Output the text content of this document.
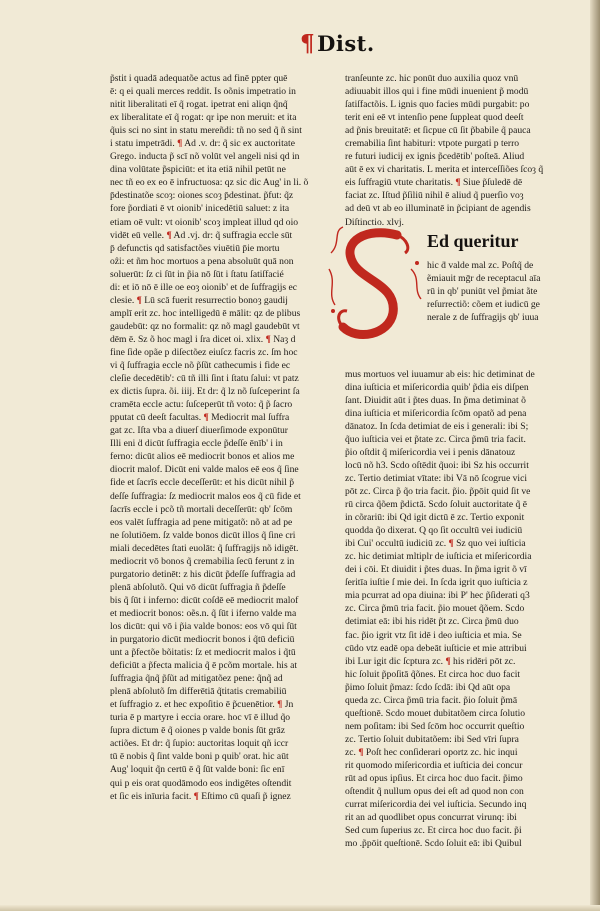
¶Dist.
p̃stit i quadā adequatõe actus ad finē ppter quē
ē: q ei quali merces reddit. Is oõnis impetratio in
nitit liberalitati eī q̃ rogat. ipetrat eni aliqn q̃nq̃
ex liberalitate eī q̃ rogat: qr ipe non meruit: et ita
q̃uis sci no sint in statu mereñdi: tñ no sed q̃ ñ sint
i statu impetrādi. ¶ Ad .v. dr: q̃ sic ex auctoritate
Grego. inducta p̃ scī nõ volūt vel angeli nisi qd in
dina volūtate p̃spiciūt: et ita etiā nihil petūt ne
nec tñ eo ex eo ē infructuosa: qz sic dic Aug' in li. õ
p̄destinatõe scoȝ: oiones scoȝ p̄destinat. p̃fut: q̃z
fore p̃ordiati ē vt oionib' inicedētiū saluet: z ita
etiam oē vult: vt oionib' scoȝ impleat illud qd oio
vidēt eū velle. ¶ Ad .vj. dr: q̃ suffragia eccle sūt
p̄ defunctis qd satisfactões viuētiū p̄ie mortu
oẑi: et ñm hoc mortuos a pena absoluūt quā non
soluerūt: ſz ci ſūt in p̃ia nō ſūt i ſtatu ſatiſfacié
di: et iō nō ē ille oe eoȝ oionib' et de ſuffragijs ec
clesie. ¶ Lū scā fuerit resurrectio bonoȝ gaudij
amplī erit zc. hoc intelligedū ē mālit: qz de plibus
gaudebūt: qz no formalit: qz nõ magl gaudebūt vt
dēm ē. Sz õ hoc magl i ſra dicet oi. xlix. ¶ Naȝ d
fine ſide opãe p diſectõez eiuſcz facris zc. ſm hoc
vi q̃ ſuffragia eccle nõ p̃ſũt cathecumis i fide ec
cleſie decedētib': cū tñ illi ſint i ſtatu ſalui: vt patz
ex dictis ſupra. õi. iiij. Et dr: q̃ lz nõ ſuſceperint ſa
cramēta eccle actu: ſuſceperūt tñ voto: q̃ p̃ ſacro
pputat cū deeſt facultas. ¶ Mediocrit mal ſuffra
gat zc. Iſta vba a diuerſ diuerſimode exponūtur
Illi eni ḋ dicūt ſuffragia eccle p̃deſſe ēnīb' i in
ferno: dicūt alios eē mediocrit bonos et alios me
diocrit malof. Dicūt eni valde malos eē eos q̃ ſine
fide et ſacrīs eccle deceſſerūt: et his dicūt nihil p̃
deſſe ſuffragia: ſz mediocrit malos eos q̃ cū fide et
ſacrīs eccle i pcõ tñ mortali deceſſerūt: qb' ſcōm
eos valēt ſuffragia ad pene mitigatõ: nõ at ad pe
ne ſolutiōem. ſz valde bonos dicūt illos q̃ ſine cri
miali decedētes ſtati euolāt: q̃ ſuffragijs nõ idigēt.
mediocrit vō bonos q̃ cremabilia ſecū ferunt z in
purgatorio detinēt: z his dicūt p̃deſſe ſuffragia ad
plenā abſolutõ. Qui vō dicūt ſuffragia ñ p̃deſſe
bis q̃ ſūt i inferno: dicūt coſdē eē mediocrit malof
et mediocrit bonos: oẽs.n. q̃ ſūt i iferno valde ma
los dicūt: qui vō i p̃ia valde bonos: eos vō qui ſūt
in purgatorio dicūt mediocrit bonos i q̃tū deficiū
unt a p̃fectõe bõitatis: ſz et mediocrit malos i q̃tū
deficiūt a p̃fecta malicia q̃ ē pcõm mortale. his at
ſuffragia q̃nq̃ p̃ſũt ad mitigatõez pene: q̃nq̃ ad
plenā abſolutõ ſm differētiā q̃titatis cremabiliū
et ſuffragio z. et hec expoſitio ē p̃cuenētior. ¶ Jn
turia ē p martyre i eccia orare. hoc vī ē illud q̃o
ſupra dictum ē q̃ oiones p valde bonis ſūt grāz
actiões. Et dr: q̃ ſupio: auctoritas loquit qñ iccr
tū ē nobis q̃ ſint valde boni p quib' orat. hic aūt
Aug' loquit q̃n certū ē q̃ ſūt valde boni: ſic enī
qui p eis orat quodāmodo eos indigētes oſtendit
et ſic eis inīuria facit. ¶ Eſtimo cū quaſi p̃ ignez
tranſeunte zc. hic ponūt duo auxilia quoz vnū
adiuuabit illos qui i fine mūdi inuenient p̃ modū
ſatiſfactõis. L ignis quo facies mūdi purgabit: po
terit eni eē vt intenſio pene ſuppleat quod deeſt
ad p̃nis breuitatē: et ſicpue cū ſit p̃babile q̃ pauca
cremabilia ſint habituri: vtpote purgati p terro
re futuri iudicij ex ignis p̃cedētib' poſteā. Aliud
aūt ē ex vi charitatis. L merita et interceſſiões ſcoȝ q̃
eis ſuffragiū vtute charitatis. ¶ Siue p̃ſuledē dē
faciat zc. Iſtud p̃ſiliū nihil ē aliud q̃ puerſio voȝ
ad deū vt ab eo illuminatē in p̃cipiant de agendis
Diſtinctio. xlvj.
Ed queritur
hic ḋ valde mal zc. Poſtq̃ de
ẽmiauit mḡr de receptacul aīa
rū in qb' puniūt vel p̃miat ãte
reſurrectiõ: cõem et iudicū ge
nerale z de ſuffragijs qb' iuua
mus mortuos vel iuuamur ab eis: hic detiminat de
dina iuſticia et miſericordia quib' p̃dia eis diſpen
ſant. Diuidit aūt i p̃tes duas. In p̃ma detiminat õ
dina iuſticia et miſericordia ſcōm opatõ ad pena
dānatoz. In ſcda detimiat de eis i generali: ibi S;
q̃uo iuſticia vei et p̃tate zc. Circa p̃mū tria facit.
p̃io oſtdit q̃ miſericordia vei i penis dānatouz
locū nõ h3. Scdo oſtēdit q̃uoi: ibi Sz his occurrit
zc. Tertio detimiat vītate: ibi Vā nō ſcogrue vici
pōt zc. Circa p̃ q̃o tria facit. p̃io. p̃pōit quid ſit ve
rū circa q̃õem p̃dictā. Scdo ſoluit auctoritate q̃ ē
in cõrariū: ibi Qd igit dictū ē zc. Tertio exponit
quodda q̃o dixerat. Q qo ſit occultū vei iudiciū
ibi Cui' occultū iudiciū zc. ¶ Sz quo vei iuſticia
zc. hic detimiat mltiplr de iuſticia et miſericordia
dei i cōi. Et diuidit i p̃tes duas. In p̃ma igrit õ vī
ſeritīa iuſtie ſ mie dei. In ſcda igrit quo iuſticia z
mia pcurrat ad opa diuina: ibi P' hec p̃ſiderati q3
zc. Circa p̃mū tria facit. p̃io mouet q̃õem. Scdo
detimiat eā: ibi his ridēt p̃t zc. Circa p̃mū duo
fac. p̃io igrit vtz ſit idē i deo iuſticia et mia. Se
cūdo vtz eadē opa debeāt iuſticie et mie attribui
ibi Lur igit dic ſcptura zc. ¶ his ridēri pōt zc.
hic ſoluit p̃poſitā q̃õnes. Et circa hoc duo facit
p̃imo ſoluit p̃maz: ſcdo ſcdā: ibi Qd aūt opa
queda zc. Circa p̃mū tria facit. p̃io ſoluit p̃mā
queſtionē. Scdo mouet dubitatõem circa ſolutio
nem poſitam: ibi Sed ſcōm hoc occurrit queſtio
zc. Tertio ſoluit dubitatõem: ibi Sed vīri ſupra
zc. ¶ Poſt hec conſiderari oportz zc. hic inqui
rit quomodo miſericordia et iuſticia dei concur
rūt ad opus ipſius. Et circa hoc duo facit. p̃imo
oſtendit q̃ nullum opus dei eſt ad quod non con
currat miſericordia dei vel iuſticia. Secundo inq
rit an ad quodlibet opus concurrat virunq: ibi
Sed cum ſuperius zc. Et circa hoc duo facit. p̃i
mo .p̃pōit queſtionē. Scdo ſoluit eā: ibi Quibul
